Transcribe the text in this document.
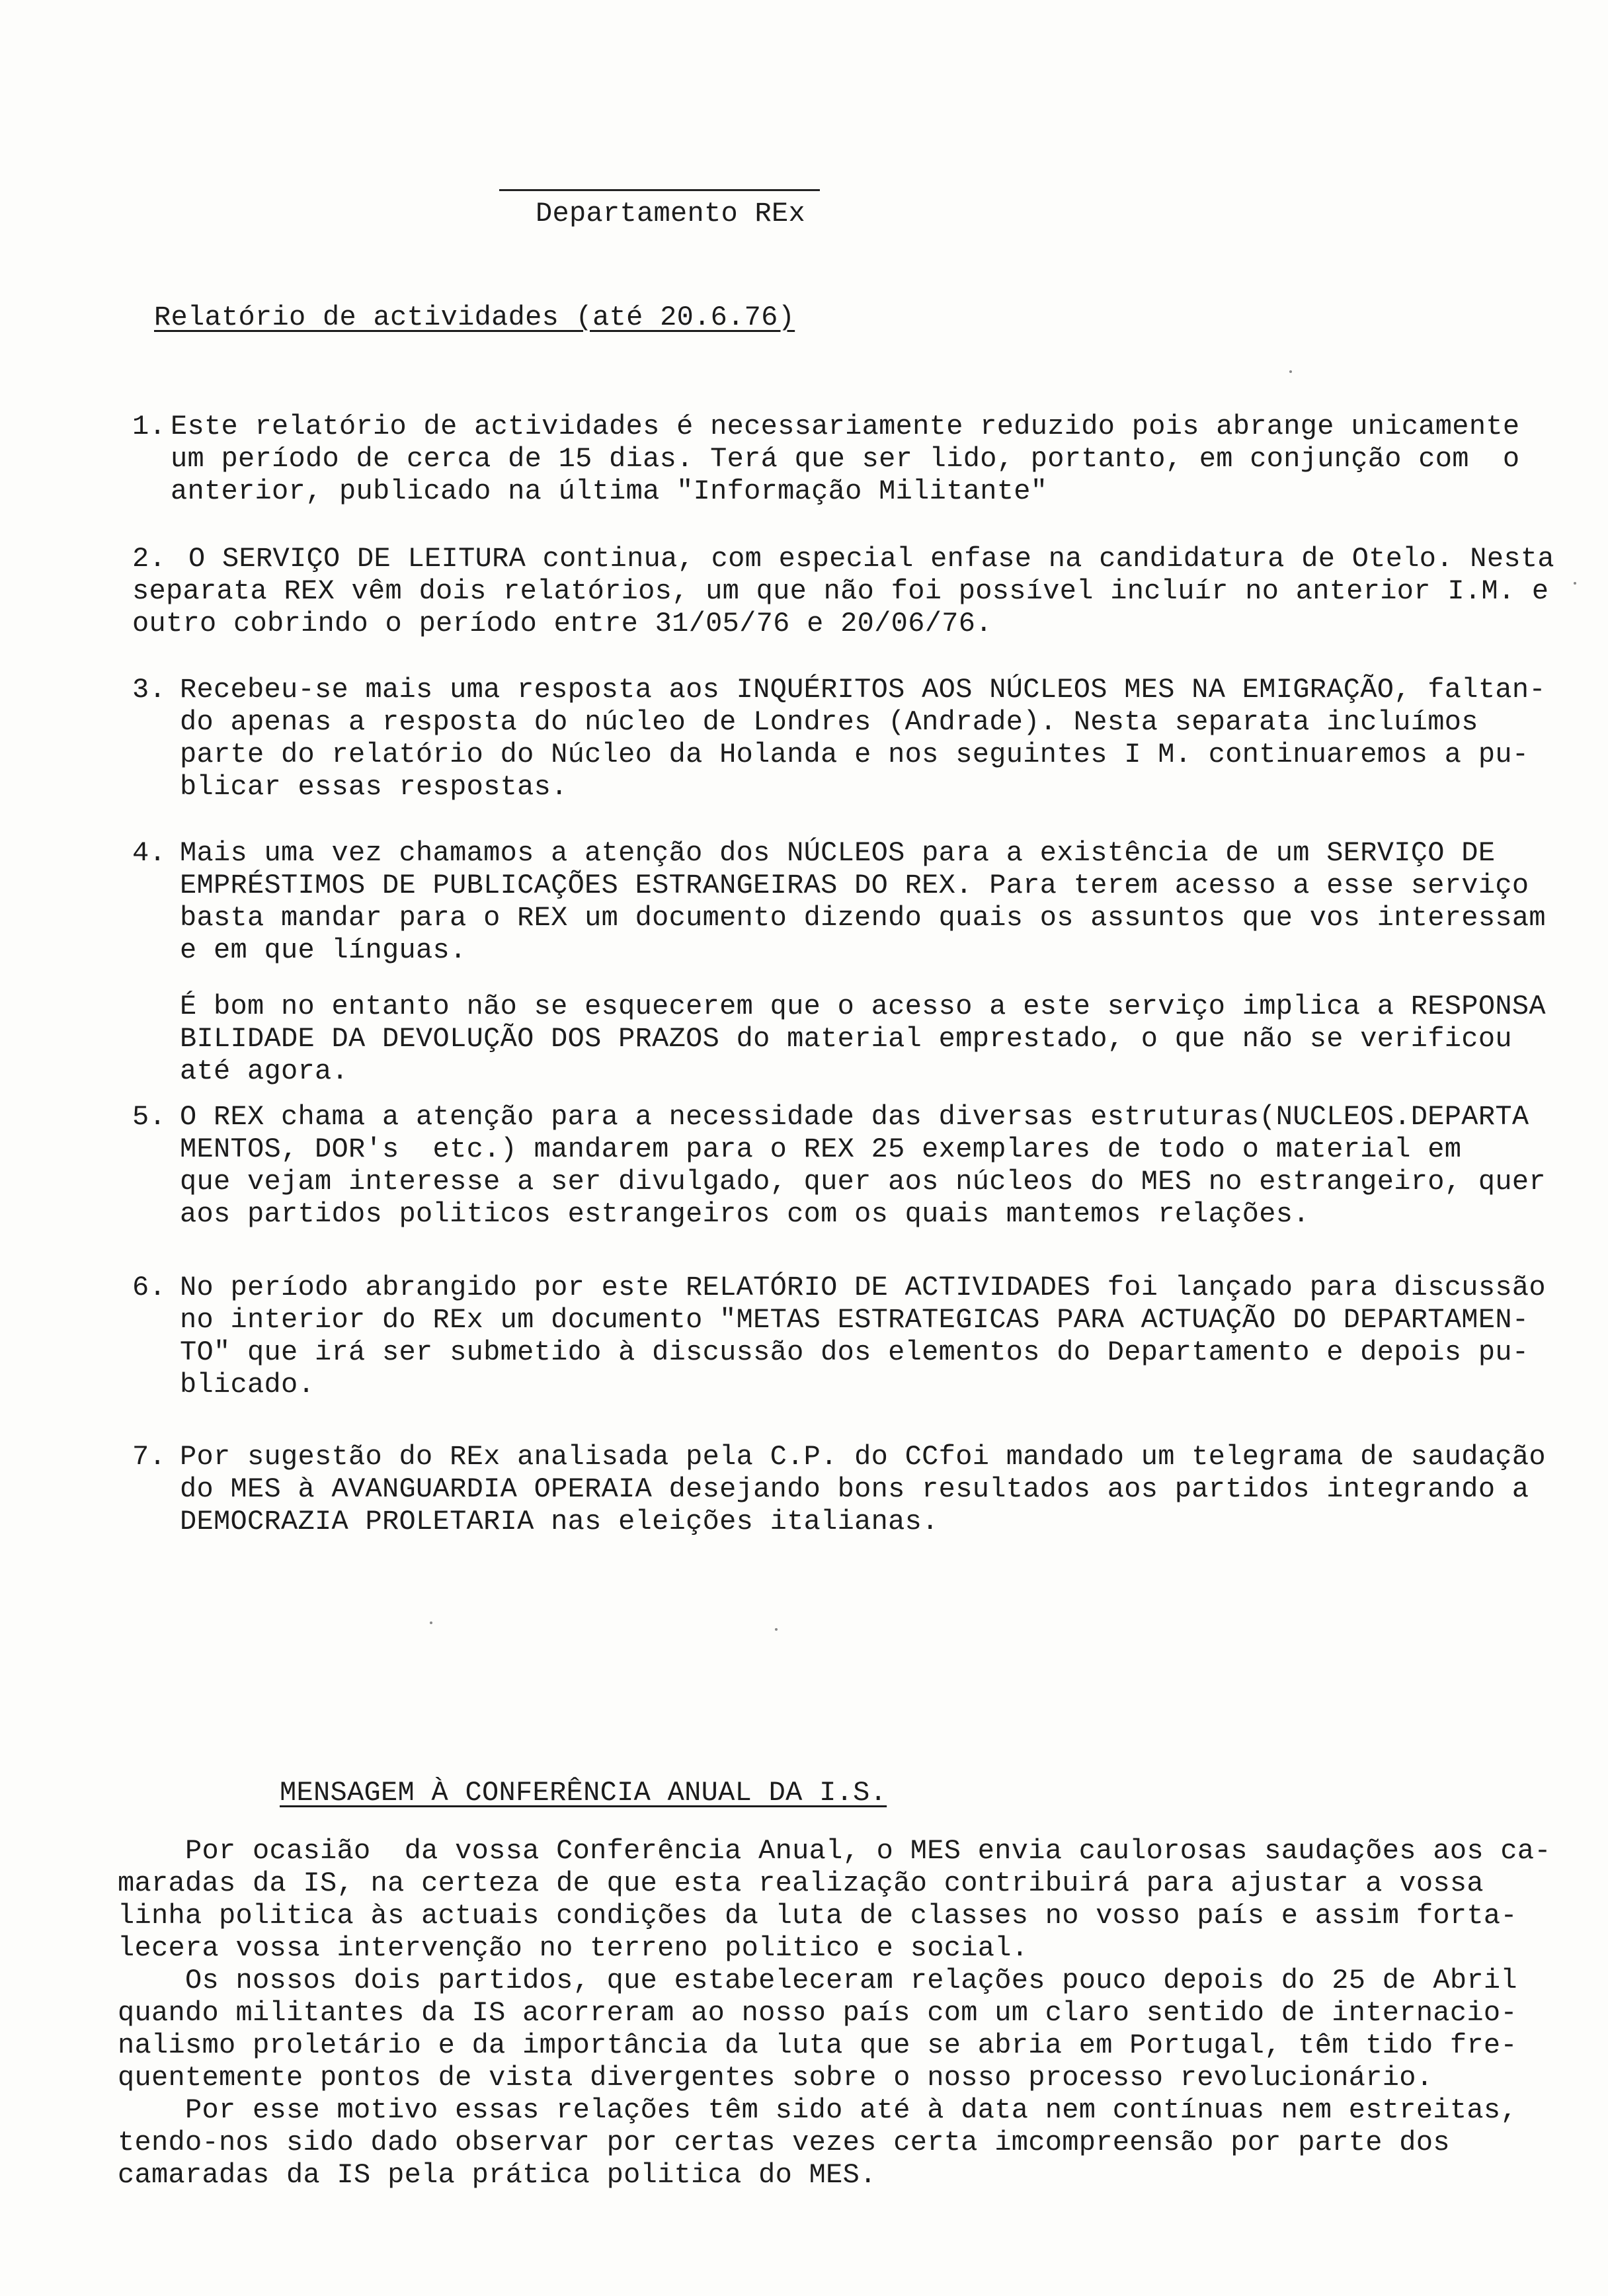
Departamento REx
Relatório de actividades (até 20.6.76)
1. Este relatório de actividades é necessariamente reduzido pois abrange unicamente
um período de cerca de 15 dias. Terá que ser lido, portanto, em conjunção com  o
anterior, publicado na última "Informação Militante"
2. O SERVIÇO DE LEITURA continua, com especial enfase na candidatura de Otelo. Nesta
separata REX vêm dois relatórios, um que não foi possível incluír no anterior I.M. e
outro cobrindo o período entre 31/05/76 e 20/06/76.
3. Recebeu-se mais uma resposta aos INQUÉRITOS AOS NÚCLEOS MES NA EMIGRAÇÃO, faltan-
do apenas a resposta do núcleo de Londres (Andrade). Nesta separata incluímos
parte do relatório do Núcleo da Holanda e nos seguintes I M. continuaremos a pu-
blicar essas respostas.
4. Mais uma vez chamamos a atenção dos NÚCLEOS para a existência de um SERVIÇO DE
EMPRÉSTIMOS DE PUBLICAÇÕES ESTRANGEIRAS DO REX. Para terem acesso a esse serviço
basta mandar para o REX um documento dizendo quais os assuntos que vos interessam
e em que línguas.
É bom no entanto não se esquecerem que o acesso a este serviço implica a RESPONSA
BILIDADE DA DEVOLUÇÃO DOS PRAZOS do material emprestado, o que não se verificou
até agora.
5. O REX chama a atenção para a necessidade das diversas estruturas(NUCLEOS.DEPARTA
MENTOS, DOR's  etc.) mandarem para o REX 25 exemplares de todo o material em
que vejam interesse a ser divulgado, quer aos núcleos do MES no estrangeiro, quer
aos partidos politicos estrangeiros com os quais mantemos relações.
6. No período abrangido por este RELATÓRIO DE ACTIVIDADES foi lançado para discussão
no interior do REx um documento "METAS ESTRATEGICAS PARA ACTUAÇÃO DO DEPARTAMEN-
TO" que irá ser submetido à discussão dos elementos do Departamento e depois pu-
blicado.
7. Por sugestão do REx analisada pela C.P. do CCfoi mandado um telegrama de saudação
do MES à AVANGUARDIA OPERAIA desejando bons resultados aos partidos integrando a
DEMOCRAZIA PROLETARIA nas eleições italianas.
MENSAGEM À CONFERÊNCIA ANUAL DA I.S.
Por ocasião  da vossa Conferência Anual, o MES envia caulorosas saudações aos ca-
maradas da IS, na certeza de que esta realização contribuirá para ajustar a vossa
linha politica às actuais condições da luta de classes no vosso país e assim forta-
lecera vossa intervenção no terreno politico e social.
Os nossos dois partidos, que estabeleceram relações pouco depois do 25 de Abril
quando militantes da IS acorreram ao nosso país com um claro sentido de internacio-
nalismo proletário e da importância da luta que se abria em Portugal, têm tido fre-
quentemente pontos de vista divergentes sobre o nosso processo revolucionário.
Por esse motivo essas relações têm sido até à data nem contínuas nem estreitas,
tendo-nos sido dado observar por certas vezes certa imcompreensão por parte dos
camaradas da IS pela prática politica do MES.
